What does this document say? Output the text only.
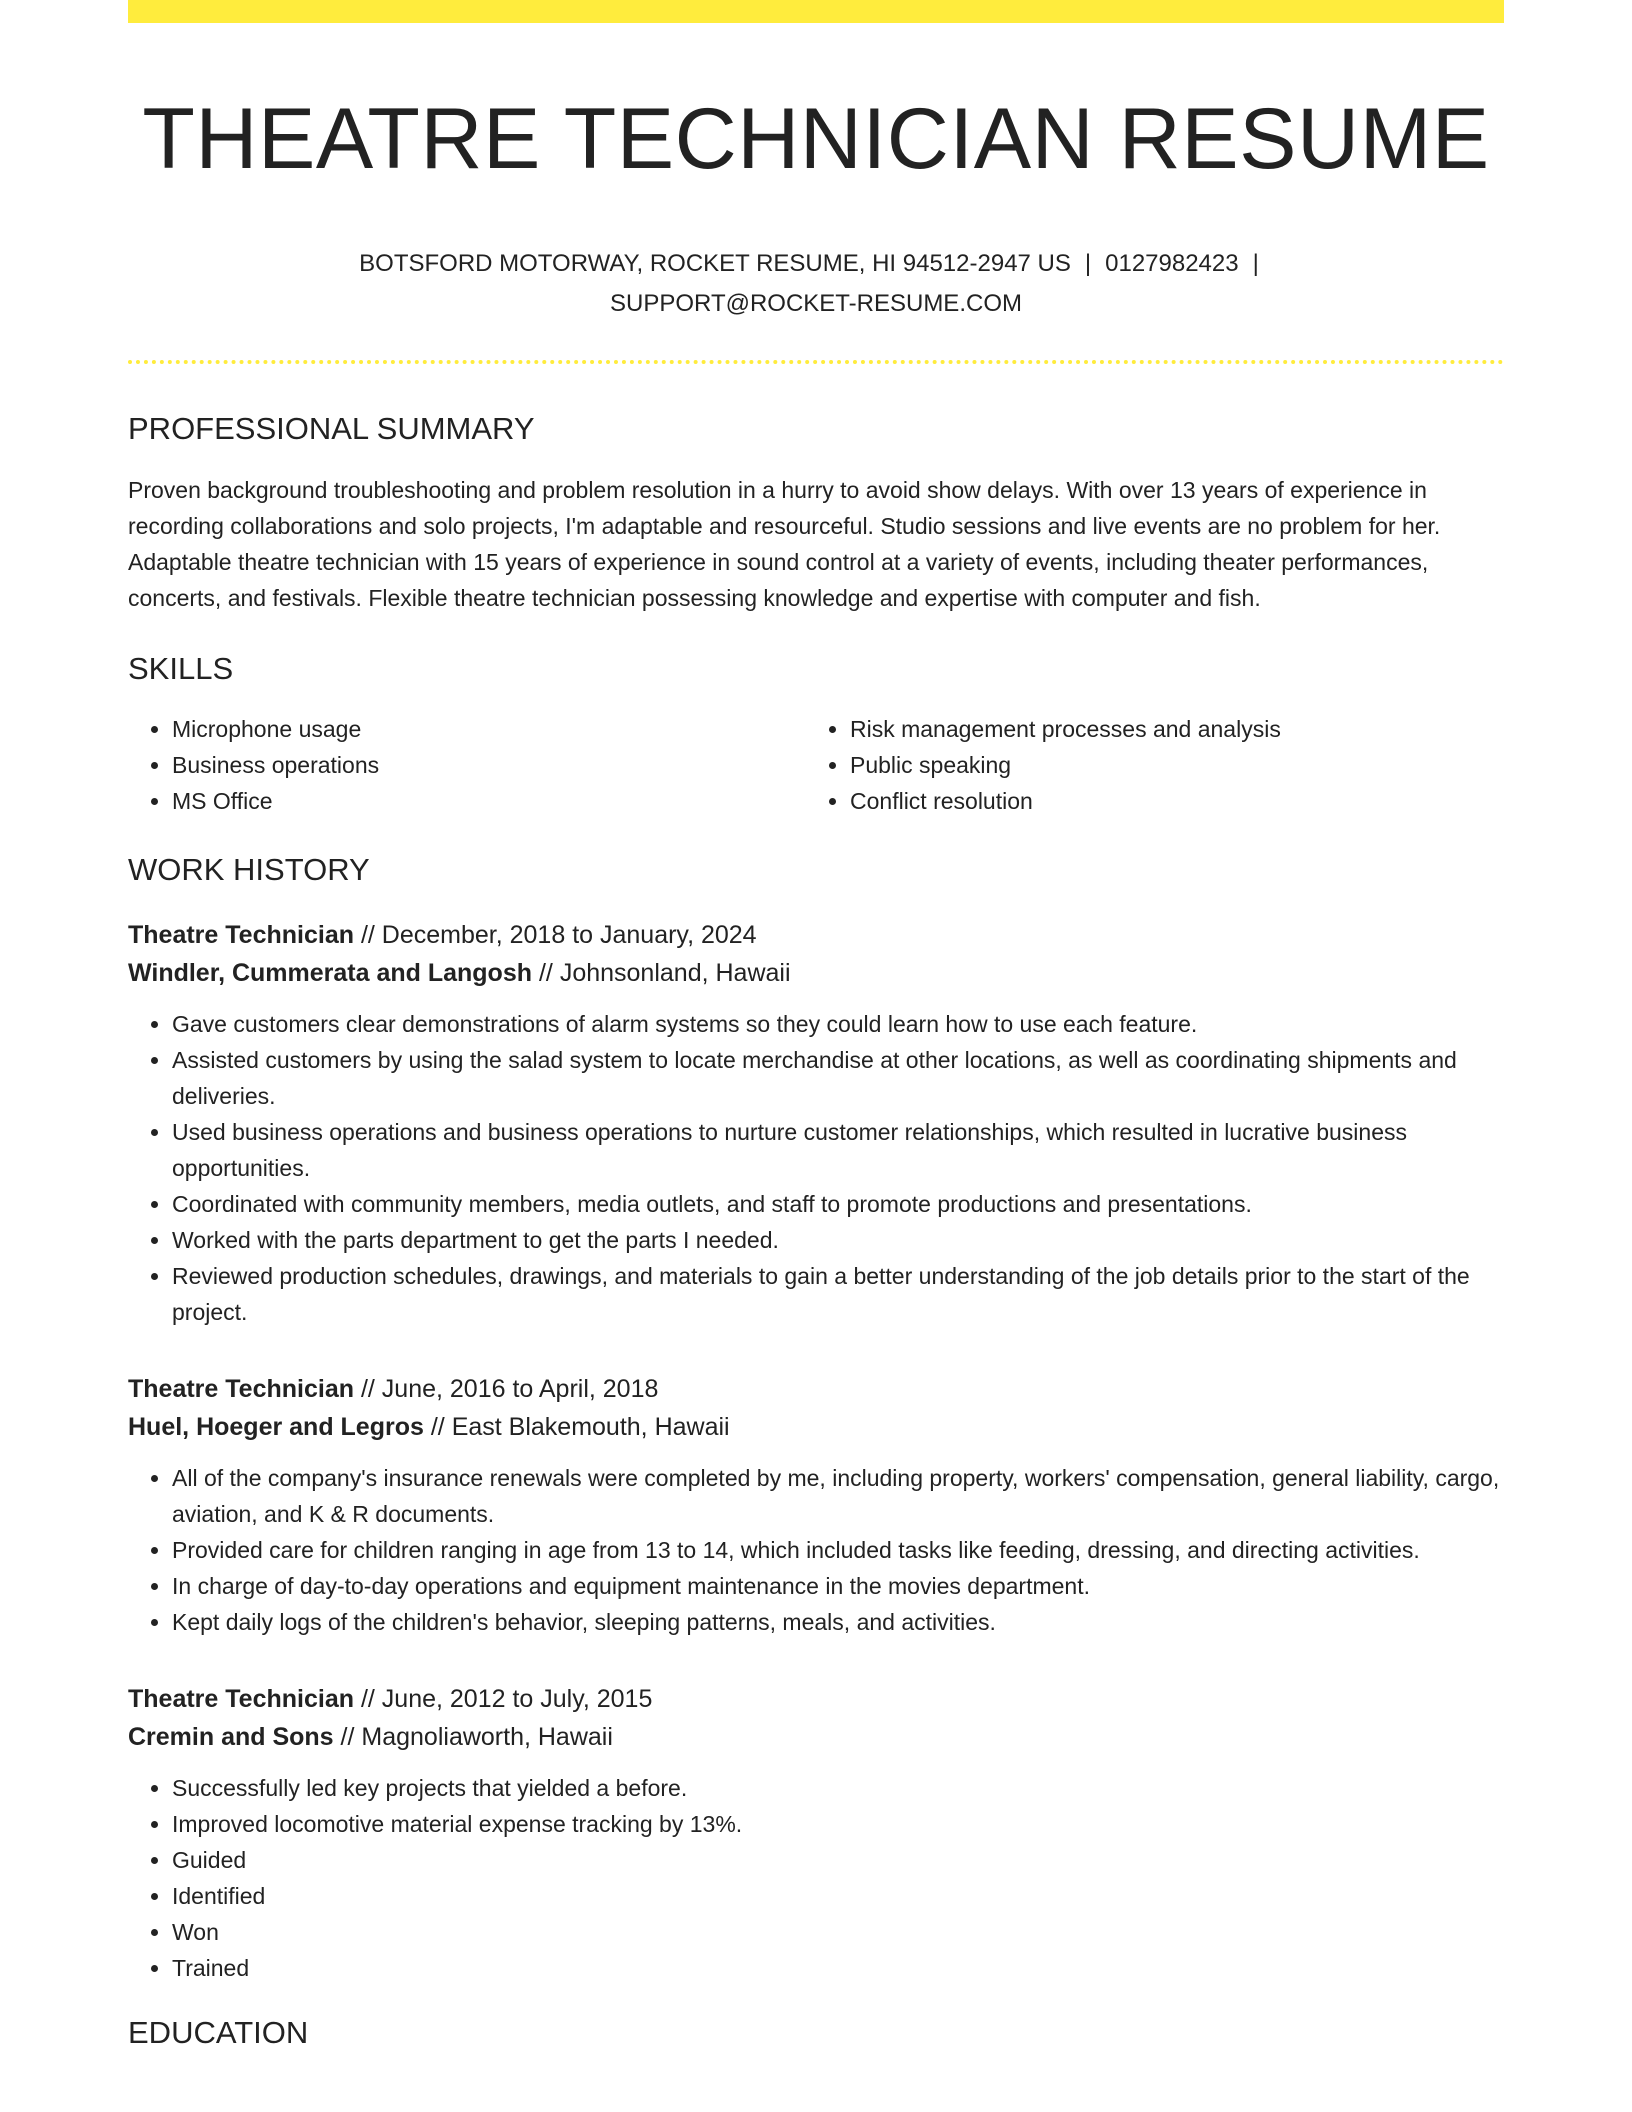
THEATRE TECHNICIAN RESUME
BOTSFORD MOTORWAY, ROCKET RESUME, HI 94512-2947 US | 0127982423 |
SUPPORT@ROCKET-RESUME.COM
PROFESSIONAL SUMMARY
Proven background troubleshooting and problem resolution in a hurry to avoid show delays. With over 13 years of experience in recording collaborations and solo projects, I'm adaptable and resourceful. Studio sessions and live events are no problem for her. Adaptable theatre technician with 15 years of experience in sound control at a variety of events, including theater performances, concerts, and festivals. Flexible theatre technician possessing knowledge and expertise with computer and fish.
SKILLS
• Microphone usage
• Business operations
• MS Office
• Risk management processes and analysis
• Public speaking
• Conflict resolution
WORK HISTORY
Theatre Technician // December, 2018 to January, 2024
Windler, Cummerata and Langosh // Johnsonland, Hawaii
• Gave customers clear demonstrations of alarm systems so they could learn how to use each feature.
• Assisted customers by using the salad system to locate merchandise at other locations, as well as coordinating shipments and deliveries.
• Used business operations and business operations to nurture customer relationships, which resulted in lucrative business opportunities.
• Coordinated with community members, media outlets, and staff to promote productions and presentations.
• Worked with the parts department to get the parts I needed.
• Reviewed production schedules, drawings, and materials to gain a better understanding of the job details prior to the start of the project.
Theatre Technician // June, 2016 to April, 2018
Huel, Hoeger and Legros // East Blakemouth, Hawaii
• All of the company's insurance renewals were completed by me, including property, workers' compensation, general liability, cargo, aviation, and K & R documents.
• Provided care for children ranging in age from 13 to 14, which included tasks like feeding, dressing, and directing activities.
• In charge of day-to-day operations and equipment maintenance in the movies department.
• Kept daily logs of the children's behavior, sleeping patterns, meals, and activities.
Theatre Technician // June, 2012 to July, 2015
Cremin and Sons // Magnoliaworth, Hawaii
• Successfully led key projects that yielded a before.
• Improved locomotive material expense tracking by 13%.
• Guided
• Identified
• Won
• Trained
EDUCATION
